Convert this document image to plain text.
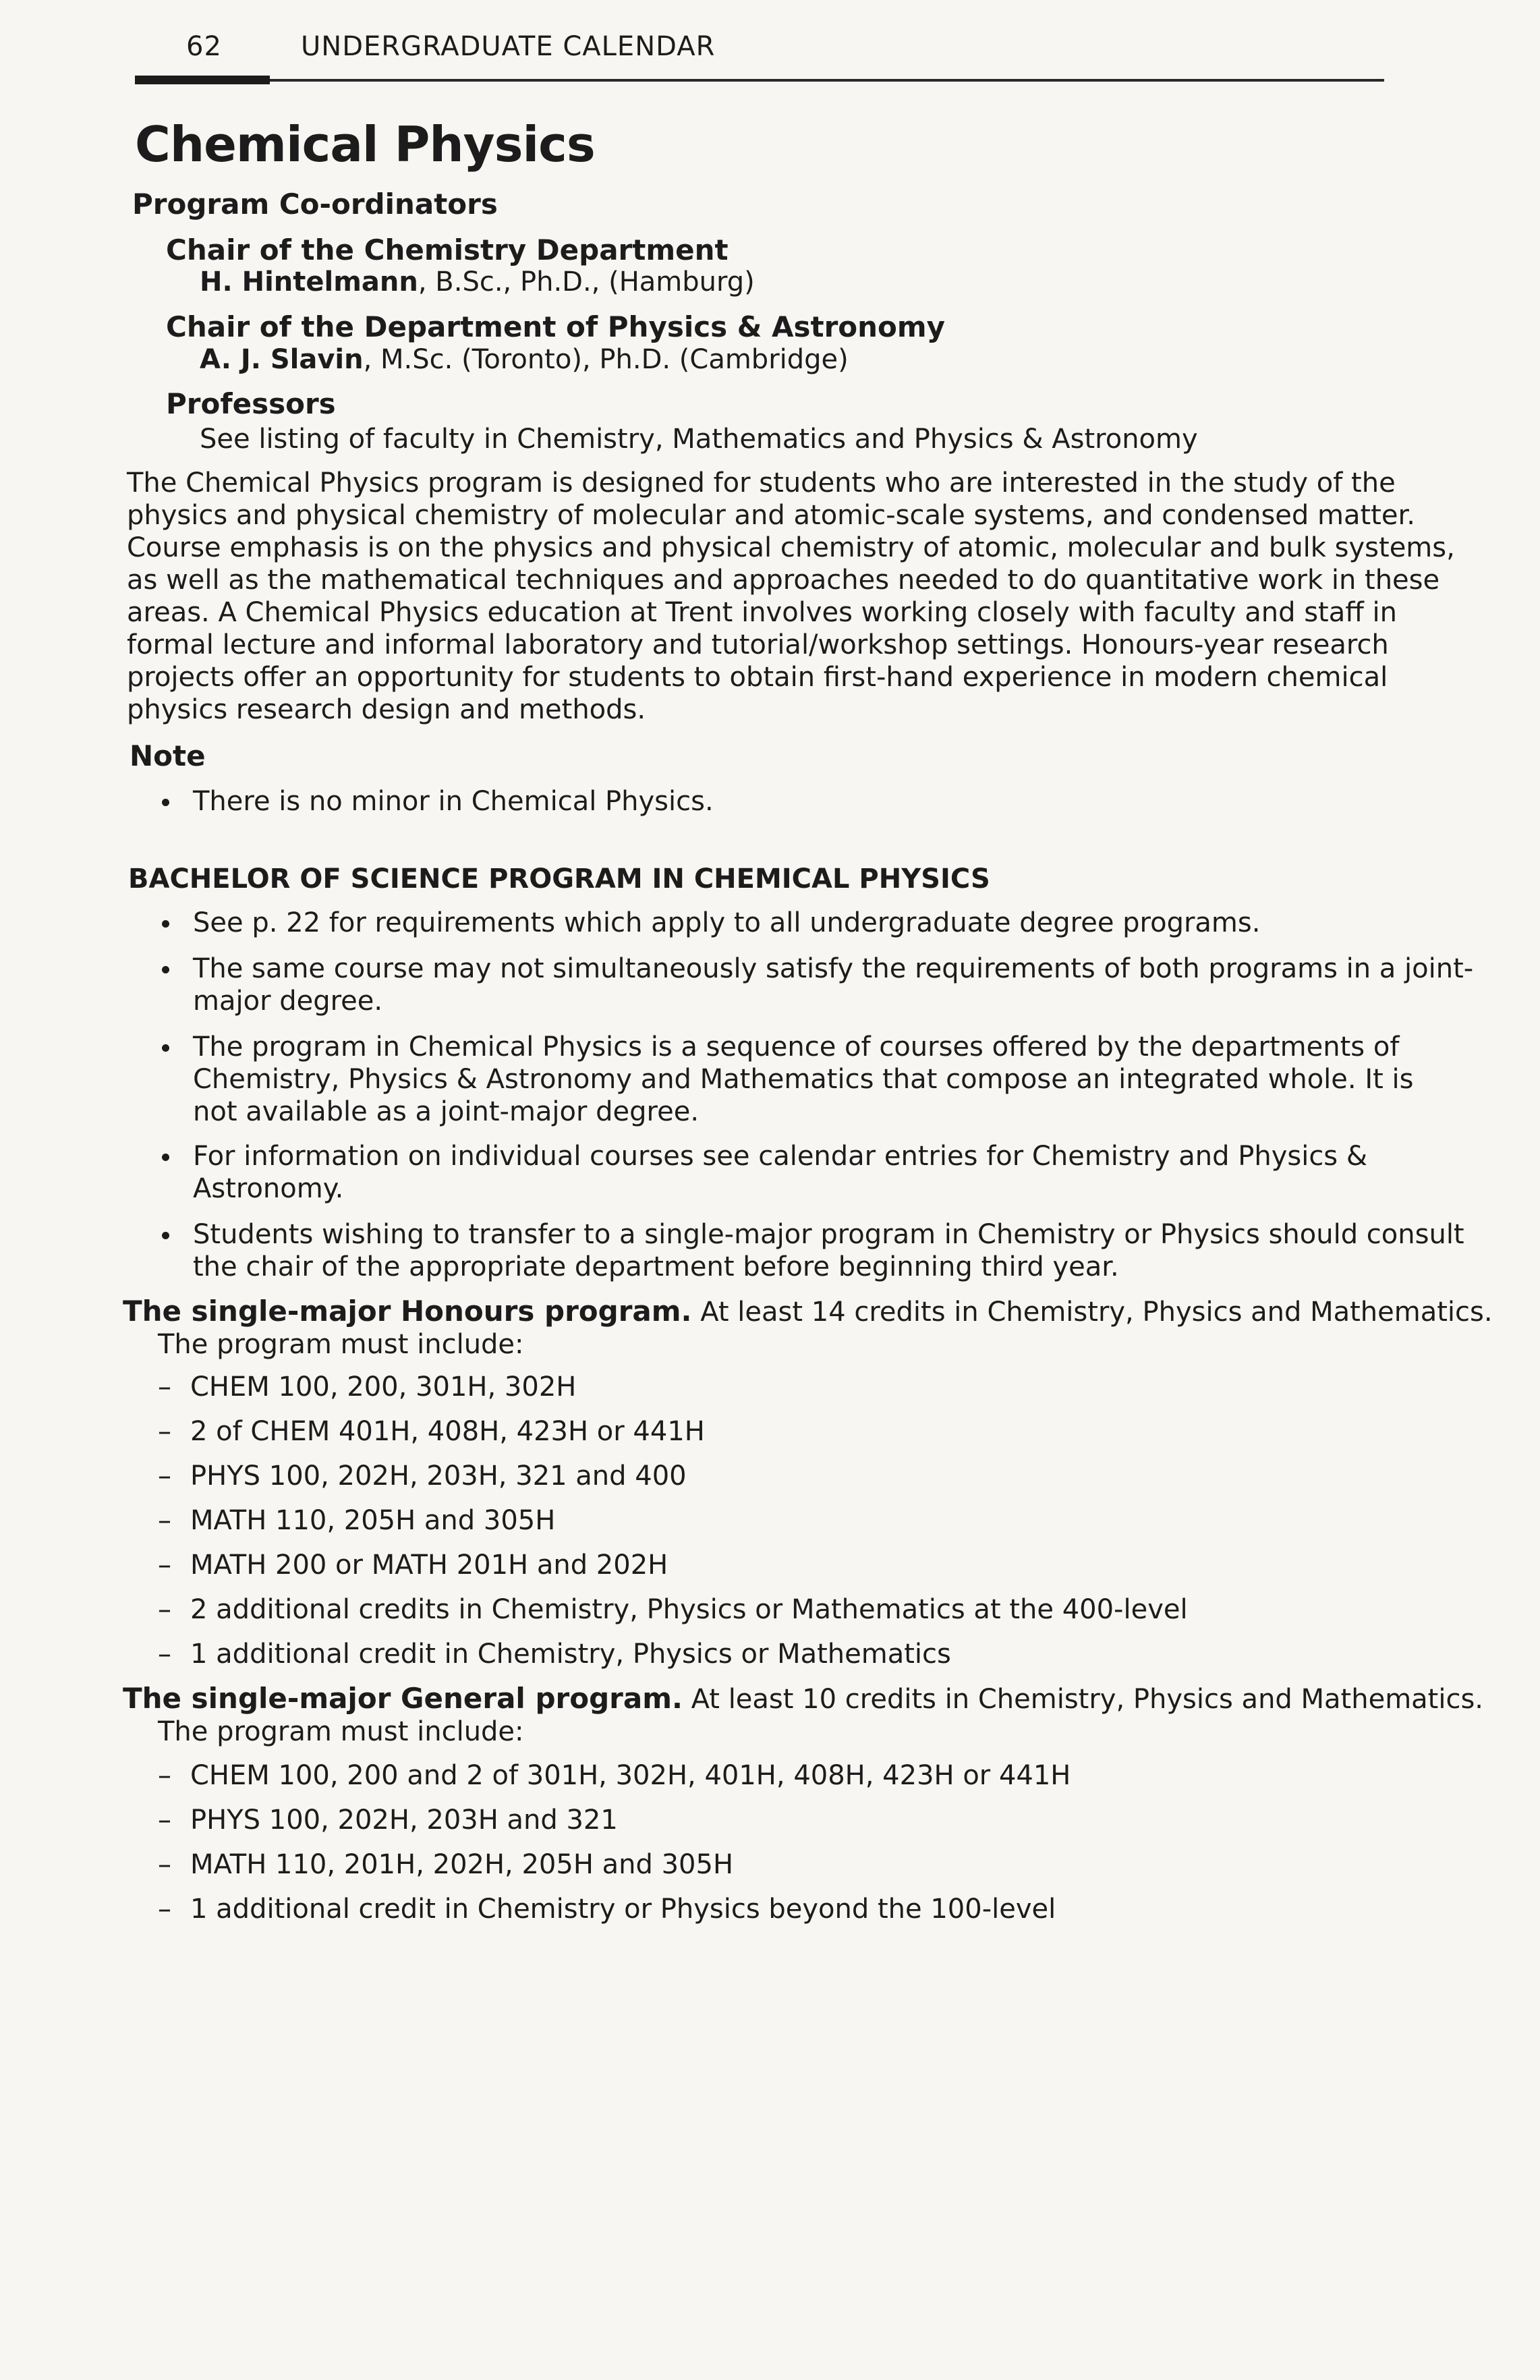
62	UNDERGRADUATE CALENDAR
Chemical Physics
Program Co-ordinators
Chair of the Chemistry Department
H. Hintelmann, B.Sc., Ph.D., (Hamburg)
Chair of the Department of Physics & Astronomy
A. J. Slavin, M.Sc. (Toronto), Ph.D. (Cambridge)
Professors
See listing of faculty in Chemistry, Mathematics and Physics & Astronomy
The Chemical Physics program is designed for students who are interested in the study of the
physics and physical chemistry of molecular and atomic-scale systems, and condensed matter.
Course emphasis is on the physics and physical chemistry of atomic, molecular and bulk systems,
as well as the mathematical techniques and approaches needed to do quantitative work in these
areas. A Chemical Physics education at Trent involves working closely with faculty and staff in
formal lecture and informal laboratory and tutorial/workshop settings. Honours-year research
projects offer an opportunity for students to obtain first-hand experience in modern chemical
physics research design and methods.
Note
There is no minor in Chemical Physics.
BACHELOR OF SCIENCE PROGRAM IN CHEMICAL PHYSICS
See p. 22 for requirements which apply to all undergraduate degree programs.
The same course may not simultaneously satisfy the requirements of both programs in a joint-
major degree.
The program in Chemical Physics is a sequence of courses offered by the departments of
Chemistry, Physics & Astronomy and Mathematics that compose an integrated whole. It is
not available as a joint-major degree.
For information on individual courses see calendar entries for Chemistry and Physics &
Astronomy.
Students wishing to transfer to a single-major program in Chemistry or Physics should consult
the chair of the appropriate department before beginning third year.
The single-major Honours program. At least 14 credits in Chemistry, Physics and Mathematics.
The program must include:
– CHEM 100, 200, 301H, 302H
– 2 of CHEM 401H, 408H, 423H or 441H
– PHYS 100, 202H, 203H, 321 and 400
– MATH 110, 205H and 305H
– MATH 200 or MATH 201H and 202H
– 2 additional credits in Chemistry, Physics or Mathematics at the 400-level
– 1 additional credit in Chemistry, Physics or Mathematics
The single-major General program. At least 10 credits in Chemistry, Physics and Mathematics.
The program must include:
– CHEM 100, 200 and 2 of 301H, 302H, 401H, 408H, 423H or 441H
– PHYS 100, 202H, 203H and 321
– MATH 110, 201H, 202H, 205H and 305H
– 1 additional credit in Chemistry or Physics beyond the 100-level
